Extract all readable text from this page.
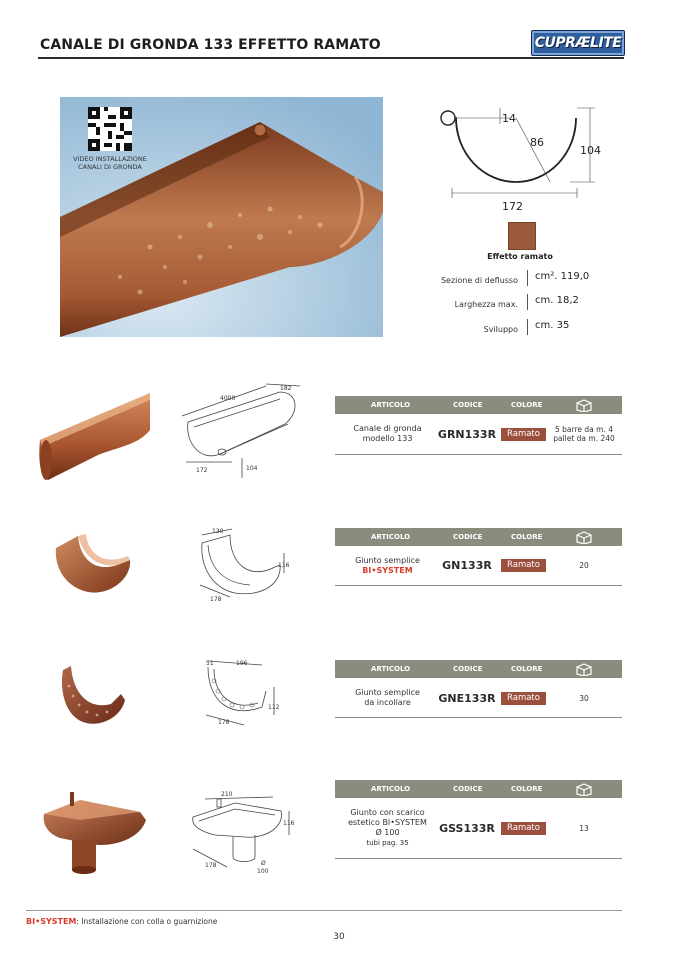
CANALE DI GRONDA 133 EFFETTO RAMATO	CUPRÆLITE
VIDEO INSTALLAZIONE CANALI DI GRONDA
14
86
104
172
Effetto ramato
Sezione di deflusso cm². 119,0
Larghezza max. cm. 18,2
Sviluppo cm. 35
4000
182
172	104
ARTICOLO	CODICE	COLORE
Canale di gronda
modello 133	GRN133R	Ramato	5 barre da m. 4
pallet da m. 240
130
116
178
ARTICOLO	CODICE	COLORE
Giunto semplice
BI•SYSTEM	GN133R	Ramato	20
51	196
112
178
ARTICOLO	CODICE	COLORE
Giunto semplice
da incollare	GNE133R	Ramato	30
210
116
178	Ø
100
ARTICOLO	CODICE	COLORE
Giunto con scarico
estetico BI•SYSTEM
Ø 100
tubi pag. 35
GSS133R	Ramato	13
BI•SYSTEM: Installazione con colla o guarnizione
30
